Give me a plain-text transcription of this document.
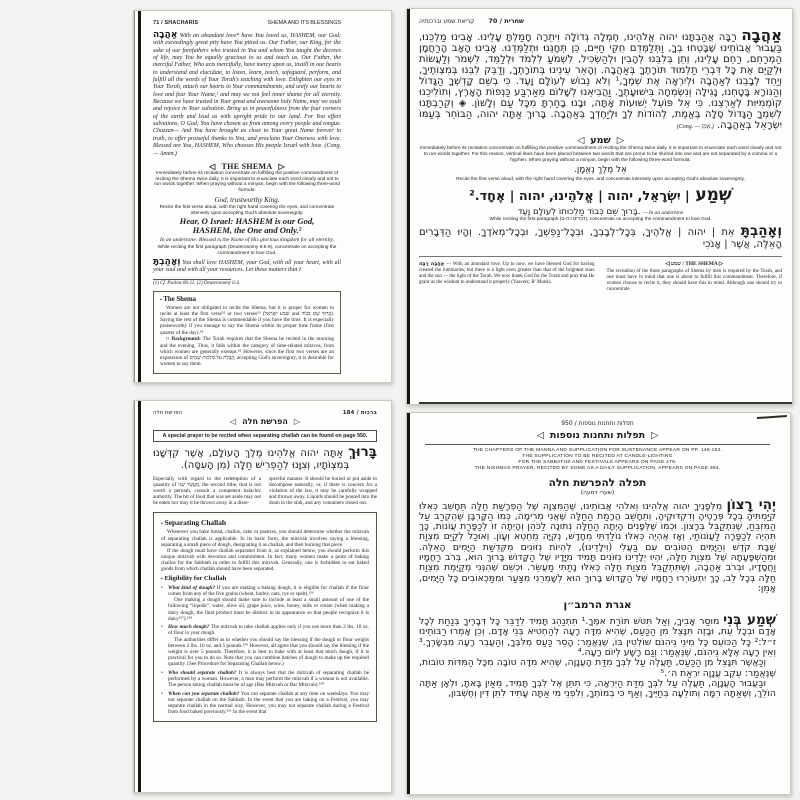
71 / SHACHARIS	SHEMA AND ITS BLESSINGS

אַהֲבָה With an abundant love* have You loved us, HASHEM, our God; with exceedingly great pity have You pitied us. Our Father, our King, for the sake of our forefathers who trusted in You and whom You taught the decrees of life, may You be equally gracious to us and teach us. Our Father, the merciful Father, Who acts mercifully, have mercy upon us, instill in our hearts to understand and elucidate, to listen, learn, teach, safeguard, perform, and fulfill all the words of Your Torah's teaching with love. Enlighten our eyes in Your Torah, attach our hearts to Your commandments, and unify our hearts to love and fear Your Name,¹ and may we not feel inner shame for all eternity. Because we have trusted in Your great and awesome holy Name, may we exult and rejoice in Your salvation. Bring us in peacefulness from the four corners of the earth and lead us with upright pride to our land. For You effect salvations, O God; You have chosen us from among every people and tongue. Chazzan— And You have brought us close to Your great Name forever in truth, to offer praiseful thanks to You, and proclaim Your Oneness with love. Blessed are You, HASHEM, Who chooses His people Israel with love. (Cong.— Amen.)

◁ THE SHEMA ▷
Immediately before its recitation concentrate on fulfilling the positive commandment of reciting the Shema twice daily. It is important to enunciate each word clearly and not to run words together. When praying without a minyan, begin with the following three-word formula:
God, trustworthy King.
Recite the first verse aloud, with the right hand covering the eyes, and concentrate intensely upon accepting God's absolute sovereignty.
Hear, O Israel: HASHEM is our God,
HASHEM, the One and Only.²
In an undertone: Blessed is the Name of His glorious kingdom for all eternity.
While reciting the first paragraph (Deuteronomy 6:5-9), concentrate on accepting the commandment to love God.

וְאָהַבְתָּ You shall love HASHEM, your God, with all your heart, with all your soul and with all your resources. Let these matters that I

(1) Cf. Psalms 86:11. (2) Deuteronomy 6:4.
▪ The Shema

Women are not obligated to recite the Shema, but it is proper for women to recite at least the first verse⁵² or two verses⁵³ (שְׁמַע יִשְׂרָאֵל and בָּרוּךְ שֵׁם כָּבוֹד). Saying the rest of the Shema is commendable if you have the time. It is especially praiseworthy if you manage to say the Shema within its proper time frame (first quarter of the day).⁵⁴

□ Background: The Torah requires that the Shema be recited in the morning and the evening. Thus, it falls within the category of time-related mitzvos, from which women are generally exempt.⁵⁵ However, since the first two verses are an expression of קַבָּלַת עֹל מַלְכוּת שָׁמַיִם, accepting God's sovereignty, it is desirable for women to say them.

קריאת שמע וברכותיה שחרית / 70

אַהֲבָה רַבָּה אֲהַבְתָּנוּ יהוה אֱלֹהֵינוּ, חֶמְלָה גְדוֹלָה וִיתֵרָה חָמַלְתָּ עָלֵינוּ. אָבִינוּ מַלְכֵּנוּ, בַּעֲבוּר אֲבוֹתֵינוּ שֶׁבָּטְחוּ בְךָ, וַתְּלַמְּדֵם חֻקֵּי חַיִּים, כֵּן תְּחָנֵּנוּ וּתְלַמְּדֵנוּ. אָבִינוּ הָאָב הָרַחֲמָן הַמְרַחֵם, רַחֵם עָלֵינוּ, וְתֵן בְּלִבֵּנוּ לְהָבִין וּלְהַשְׂכִּיל, לִשְׁמֹעַ לִלְמֹד וּלְלַמֵּד, לִשְׁמֹר וְלַעֲשׂוֹת וּלְקַיֵּם אֶת כָּל דִּבְרֵי תַלְמוּד תּוֹרָתֶךָ בְּאַהֲבָה. וְהָאֵר עֵינֵינוּ בְּתוֹרָתֶךָ, וְדַבֵּק לִבֵּנוּ בְּמִצְוֹתֶיךָ, וְיַחֵד לְבָבֵנוּ לְאַהֲבָה וּלְיִרְאָה אֶת שְׁמֶךָ,¹ וְלֹא נֵבוֹשׁ לְעוֹלָם וָעֶד. כִּי בְשֵׁם קָדְשְׁךָ הַגָּדוֹל וְהַנּוֹרָא בָּטָחְנוּ, נָגִילָה וְנִשְׂמְחָה בִּישׁוּעָתֶךָ. וַהֲבִיאֵנוּ לְשָׁלוֹם מֵאַרְבַּע כַּנְפוֹת הָאָרֶץ, וְתוֹלִיכֵנוּ קוֹמְמִיּוּת לְאַרְצֵנוּ. כִּי אֵל פּוֹעֵל יְשׁוּעוֹת אָתָּה, וּבָנוּ בָחַרְתָּ מִכָּל עַם וְלָשׁוֹן. ◈ וְקֵרַבְתָּנוּ לְשִׁמְךָ הַגָּדוֹל סֶלָה בֶּאֱמֶת, לְהוֹדוֹת לְךָ וּלְיַחֶדְךָ בְּאַהֲבָה. בָּרוּךְ אַתָּה יהוה, הַבּוֹחֵר בְּעַמּוֹ יִשְׂרָאֵל בְּאַהֲבָה. (Cong. — אָמֵן.)

◁ שמע ▷
Immediately before its recitation concentrate on fulfilling the positive commandment of reciting the Shema twice daily. It is important to enunciate each word clearly and not to run words together. For this reason, vertical lines have been placed between two words that are prone to be slurred into one and are not separated by a comma or a hyphen. When praying without a minyan, begin with the following three-word formula:
אֵל מֶלֶךְ נֶאֱמָן.
Recite the first verse aloud, with the right hand covering the eyes, and concentrate intensely upon accepting God's absolute sovereignty.
שְׁמַע | יִשְׂרָאֵל, יהוה | אֱלֹהֵינוּ, יהוה | אֶחָד.²
בָּרוּךְ שֵׁם כְּבוֹד מַלְכוּתוֹ לְעוֹלָם וָעֶד. — In an undertone
While reciting the first paragraph (דברים ו:ה-ט), concentrate on accepting the commandment to love God.

וְאָהַבְתָּ אֵת | יהוה | אֱלֹהֶיךָ, בְּכָל־לְבָבְךָ, וּבְכָל־נַפְשְׁךָ, וּבְכָל־מְאֹדֶךָ. וְהָיוּ הַדְּבָרִים הָאֵלֶּה, אֲשֶׁר | אָנֹכִי

אַהֲבָה רַבָּה — With an abundant love. Up to now, we have blessed God for having created the luminaries, but there is a light even greater than that of the brightest stars and the sun — the light of the Torah. We now thank God for the Torah and pray that He grant us the wisdom to understand it properly (Yaavetz; R' Munk).
◁ שמע / THE SHEMA ▷
The recitation of the three paragraphs of Shema by men is required by the Torah, and one must have in mind that one is about to fulfill this commandment. Therefore, if women choose to recite it, they should have this in mind. Although one should try to concentrate
הפרשת חלה	ברכות / 184
◁ הפרשת חלה ▷
A special prayer to be recited when separating challah can be found on page 950.

בָּרוּךְ אַתָּה יהוה אֱלֹהֵינוּ מֶלֶךְ הָעוֹלָם, אֲשֶׁר קִדְּשָׁנוּ בְּמִצְוֹתָיו, וְצִוָּנוּ לְהַפְרִישׁ חַלָּה (מִן הָעִסָּה).

Especially with regard to the redemption of a quantity of מַעֲשֵׂר שֵׁנִי, the second tithe, that is not worth a perutah, consult a competent halachic authority. The bit of food that was set aside may not be eaten nor may it be thrown away in a disre-
spectful manner. It should be buried or put aside to decompose naturally, or, if there is concern for a violation of the law, it may be carefully wrapped and thrown away. Liquids should be poured into the drain in the sink, and any containers rinsed out.
▪ Separating Challah

Whenever you bake bread, challos, cake or pastries, you should determine whether the mitzvah of separating challah is applicable. In its basic form, the mitzvah involves saying a blessing, separating a small piece of dough, designating it as challah, and then burning that piece.

If the dough must have challah separated from it, as explained below, you should perform this unique mitzvah with devotion and commitment. In fact, many women make a point of baking challos for the Sabbath in order to fulfill this mitzvah. Generally, one is forbidden to eat baked goods from which challah should have been separated.

▪ Eligibility for Challah
• What kind of dough? If you are making a baking dough, it is eligible for challah if the flour comes from any of the five grains (wheat, barley, oats, rye or spelt).¹⁵⁶
One making a dough should make sure to include at least a small amount of one of the following “liquids”: water, olive oil, grape juice, wine, honey, milk or cream (when making a dairy dough, the final product must be distinct in its appearance so that people recognize it is dairy¹⁵⁷).¹⁵⁸
• How much dough? The mitzvah to take challah applies only if you use more than 2 lbs. 10 oz. of flour in your dough.
The authorities differ as to whether you should say the blessing if the dough or flour weighs between 2 lbs. 10 oz. and 5 pounds.¹⁵⁹ However, all agree that you should say the blessing if the weight is over 5 pounds. Therefore, it is best to bake with at least that much dough, if it is practical for you to do so. Note that you can combine batches of dough to make up the required quantity. (See Procedure for Separating Challah below.)
• Who should separate challah? It is always best that the mitzvah of separating challah be performed by a woman. However, a man may perform the mitzvah if a woman is not available. The person taking challah must be of age (Bas Mitzvah or Bar Mitzvah).¹⁶⁰
• When can you separate challah? You can separate challah at any time on weekdays. You may not separate challah on the Sabbath. In the event that you are baking on a Festival, you may separate challah in the normal way. However, you may not separate challah during a Festival from food baked previously.¹⁶¹ In the event that
תפלות ותחנות נוספות / 950
◁ תפלות ותחנות נוספות ▷
THE CHAPTERS OF THE MANNA AND SUPPLICATION FOR SUSTENANCE APPEAR ON PP. 148-152.
THE SUPPLICATION TO BE RECITED AT CANDLE-LIGHTING
FOR THE SABBATHS AND FESTIVALS APPEARS ON PAGE 278.
THE NISHMAS PRAYER, RECITED BY SOME AS A DAILY SUPPLICATION, APPEARS ON PAGE 384.
תפלה להפרשת חלה
(שערי דמעה)

יְהִי רָצוֹן מִלְּפָנֶיךָ יהוה אֱלֹהֵינוּ וֵאלֹהֵי אֲבוֹתֵינוּ, שֶׁהַמִּצְוָה שֶׁל הַפְרָשַׁת חַלָּה תֵּחָשֵׁב כְּאִלּוּ קִיַּמְתִּיהָ בְּכָל פְּרָטֶיהָ וְדִקְדּוּקֶיהָ, וְתֵחָשֵׁב הֲרָמַת הַחַלָּה שֶׁאֲנִי מְרִימָה, כְּמוֹ הַקָּרְבָּן שֶׁהֻקְרַב עַל הַמִּזְבֵּחַ, שֶׁנִּתְקַבֵּל בְּרָצוֹן. וּכְמוֹ שֶׁלְּפָנִים הָיְתָה הַחַלָּה נְתוּנָה לַכֹּהֵן וְהָיְתָה זוֹ לְכַפָּרַת עֲוֹנוֹת, כָּךְ תִּהְיֶה לְכַפָּרָה לַעֲוֹנוֹתַי, וְאָז אֶהְיֶה כְּאִלּוּ נוֹלַדְתִּי מֵחָדָשׁ, נְקִיָּה מֵחֵטְא וְעָוֹן. וְאוּכַל לְקַיֵּם מִצְוַת שַׁבָּת קֹדֶשׁ וְהַיָּמִים הַטּוֹבִים עִם בַּעֲלִי (וִילָדֵינוּ), לִהְיוֹת נִזּוֹנִים מִקְּדֻשַּׁת הַיָּמִים הָאֵלֶּה. וּמֵהַשְׁפָּעָתָהּ שֶׁל מִצְוַת חַלָּה, יִהְיוּ יְלָדֵינוּ נִזּוֹנִים תָּמִיד מִיָּדָיו שֶׁל הַקָּדוֹשׁ בָּרוּךְ הוּא, בְּרֹב רַחֲמָיו וַחֲסָדָיו, וּבְרֹב אַהֲבָה, וְשֶׁתִּתְקַבֵּל מִצְוַת חַלָּה כְּאִלּוּ נָתַתִּי מַעֲשֵׂר. וּכְשֵׁם שֶׁהִנְּנִי מְקַיֶּמֶת מִצְוַת חַלָּה בְּכָל לֵב, כָּךְ יִתְעוֹרְרוּ רַחֲמָיו שֶׁל הַקָּדוֹשׁ בָּרוּךְ הוּא לְשָׁמְרֵנִי מִצַּעַר וּמִמַּכְאוֹבִים כָּל הַיָּמִים, אָמֵן:

אגרת הרמב״ן

שְׁמַע בְּנִי מוּסַר אָבִיךָ, וְאַל תִּטֹּשׁ תּוֹרַת אִמֶּךָ.¹ תִּתְנַהֵג תָּמִיד לְדַבֵּר כָּל דְּבָרֶיךָ בְּנַחַת לְכָל אָדָם וּבְכָל עֵת, וּבָזֶה תִּנָּצֵל מִן הַכַּעַס, שֶׁהִיא מִדָּה רָעָה לְהַחְטִיא בְּנֵי אָדָם. וְכֵן אָמְרוּ רַבּוֹתֵינוּ ז״ל:² כָּל הַכּוֹעֵס כָּל מִינֵי גֵיהִנֹּם שׁוֹלְטִין בּוֹ, שֶׁנֶּאֱמַר: הָסֵר כַּעַס מִלִּבֶּךָ, וְהַעֲבֵר רָעָה מִבְּשָׂרֶךָ.³ וְאֵין רָעָה אֶלָּא גֵיהִנֹּם, שֶׁנֶּאֱמַר: וְגַם רָשָׁע לְיוֹם רָעָה.⁴

וְכַאֲשֶׁר תִּנָּצֵל מִן הַכַּעַס, תַּעֲלֶה עַל לִבְּךָ מִדַּת הָעֲנָוָה, שֶׁהִיא מִדָּה טוֹבָה מִכָּל הַמִּדּוֹת טוֹבוֹת, שֶׁנֶּאֱמַר: עֵקֶב עֲנָוָה יִרְאַת ה׳.⁵

וּבַעֲבוּר הָעֲנָוָה, תַּעֲלֶה עַל לִבְּךָ מִדַּת הַיִּרְאָה, כִּי תִתֵּן אֶל לִבְּךָ תָּמִיד, מֵאַיִן בָּאתָ, וּלְאָן אַתָּה הוֹלֵךְ, וְשֶׁאַתָּה רִמָּה וְתוֹלֵעָה בְּחַיֶּיךָ, וְאַף כִּי בְמוֹתְךָ, וְלִפְנֵי מִי אַתָּה עָתִיד לִתֵּן דִּין וְחֶשְׁבּוֹן,
